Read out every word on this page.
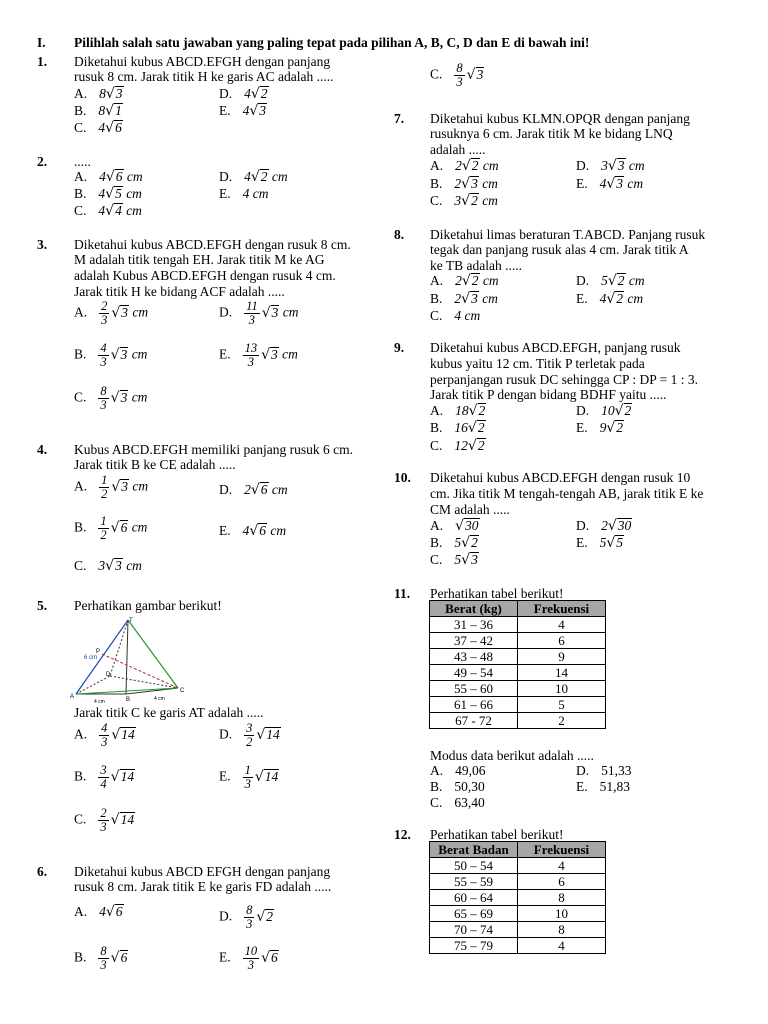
I. Pilihlah salah satu jawaban yang paling tepat pada pilihan A, B, C, D dan E di bawah ini!
1. Diketahui kubus ABCD.EFGH dengan panjang
rusuk 8 cm. Jarak titik H ke garis AC adalah .....
A. 8√3
B. 8√1
C. 4√6
D. 4√2
E. 4√3
2. .....
A. 4√6 cm
B. 4√5 cm
C. 4√4 cm
D. 4√2 cm
E. 4 cm
3. Diketahui kubus ABCD.EFGH dengan rusuk 8 cm.
M adalah titik tengah EH. Jarak titik M ke AG
adalah Kubus ABCD.EFGH dengan rusuk 4 cm.
Jarak titik H ke bidang ACF adalah .....
A. $\frac{2}{3} √3$ cm
B. $\frac{4}{3} √3$ cm
C. $\frac{8}{3} √3$ cm
D. $\frac{11}{3} √3$ cm
E. $\frac{13}{3} √3$ cm
4. Kubus ABCD.EFGH memiliki panjang rusuk 6 cm.
Jarak titik B ke CE adalah .....
A. $\frac{1}{2} √3$ cm
B. $\frac{1}{2} √6$ cm
C. 3√3 cm
D. 2√6 cm
E. 4√6 cm
5. Perhatikan gambar berikut!
T
P
6 cm
A	B
C
D
4 cm
4 cm
Jarak titik C ke garis AT adalah .....
A. $\frac{4}{3} √14$
B. $\frac{3}{4} √14$
C. $\frac{2}{3} √14$
D. $\frac{3}{2} √14$
E. $\frac{1}{3} √14$
6. Diketahui kubus ABCD EFGH dengan panjang
rusuk 8 cm. Jarak titik E ke garis FD adalah .....
A. 4√6
B. $\frac{8}{3} √6$
D. $\frac{8}{3} √2$
E. $\frac{10}{3} √6$
C. $\frac{8}{3} √3$
7. Diketahui kubus KLMN.OPQR dengan panjang
rusuknya 6 cm. Jarak titik M ke bidang LNQ
adalah .....
A. 2√2 cm
B. 2√3 cm
C. 3√2 cm
D. 3√3 cm
E. 4√3 cm
8. Diketahui limas beraturan T.ABCD. Panjang rusuk
tegak dan panjang rusuk alas 4 cm. Jarak titik A
ke TB adalah .....
A. 2√2 cm
B. 2√3 cm
C. 4 cm
D. 5√2 cm
E. 4√2 cm
9. Diketahui kubus ABCD.EFGH, panjang rusuk
kubus yaitu 12 cm. Titik P terletak pada
perpanjangan rusuk DC sehingga CP : DP = 1 : 3.
Jarak titik P dengan bidang BDHF yaitu .....
A. 18√2
B. 16√2
C. 12√2
D. 10√2
E. 9√2
10. Diketahui kubus ABCD.EFGH dengan rusuk 10
cm. Jika titik M tengah-tengah AB, jarak titik E ke
CM adalah .....
A. √30
B. 5√2
C. 5√3
D. 2√30
E. 5√5
11. Perhatikan tabel berikut!
Berat (kg)	Frekuensi
31 – 36	4
37 – 42	6
43 – 48	9
49 – 54	14
55 – 60	10
61 – 66	5
67 - 72	2
Modus data berikut adalah .....
A. 49,06
B. 50,30
C. 63,40
D. 51,33
E. 51,83
12. Perhatikan tabel berikut!
Berat Badan	Frekuensi
50 – 54	4
55 – 59	6
60 – 64	8
65 – 69	10
70 – 74	8
75 – 79	4
